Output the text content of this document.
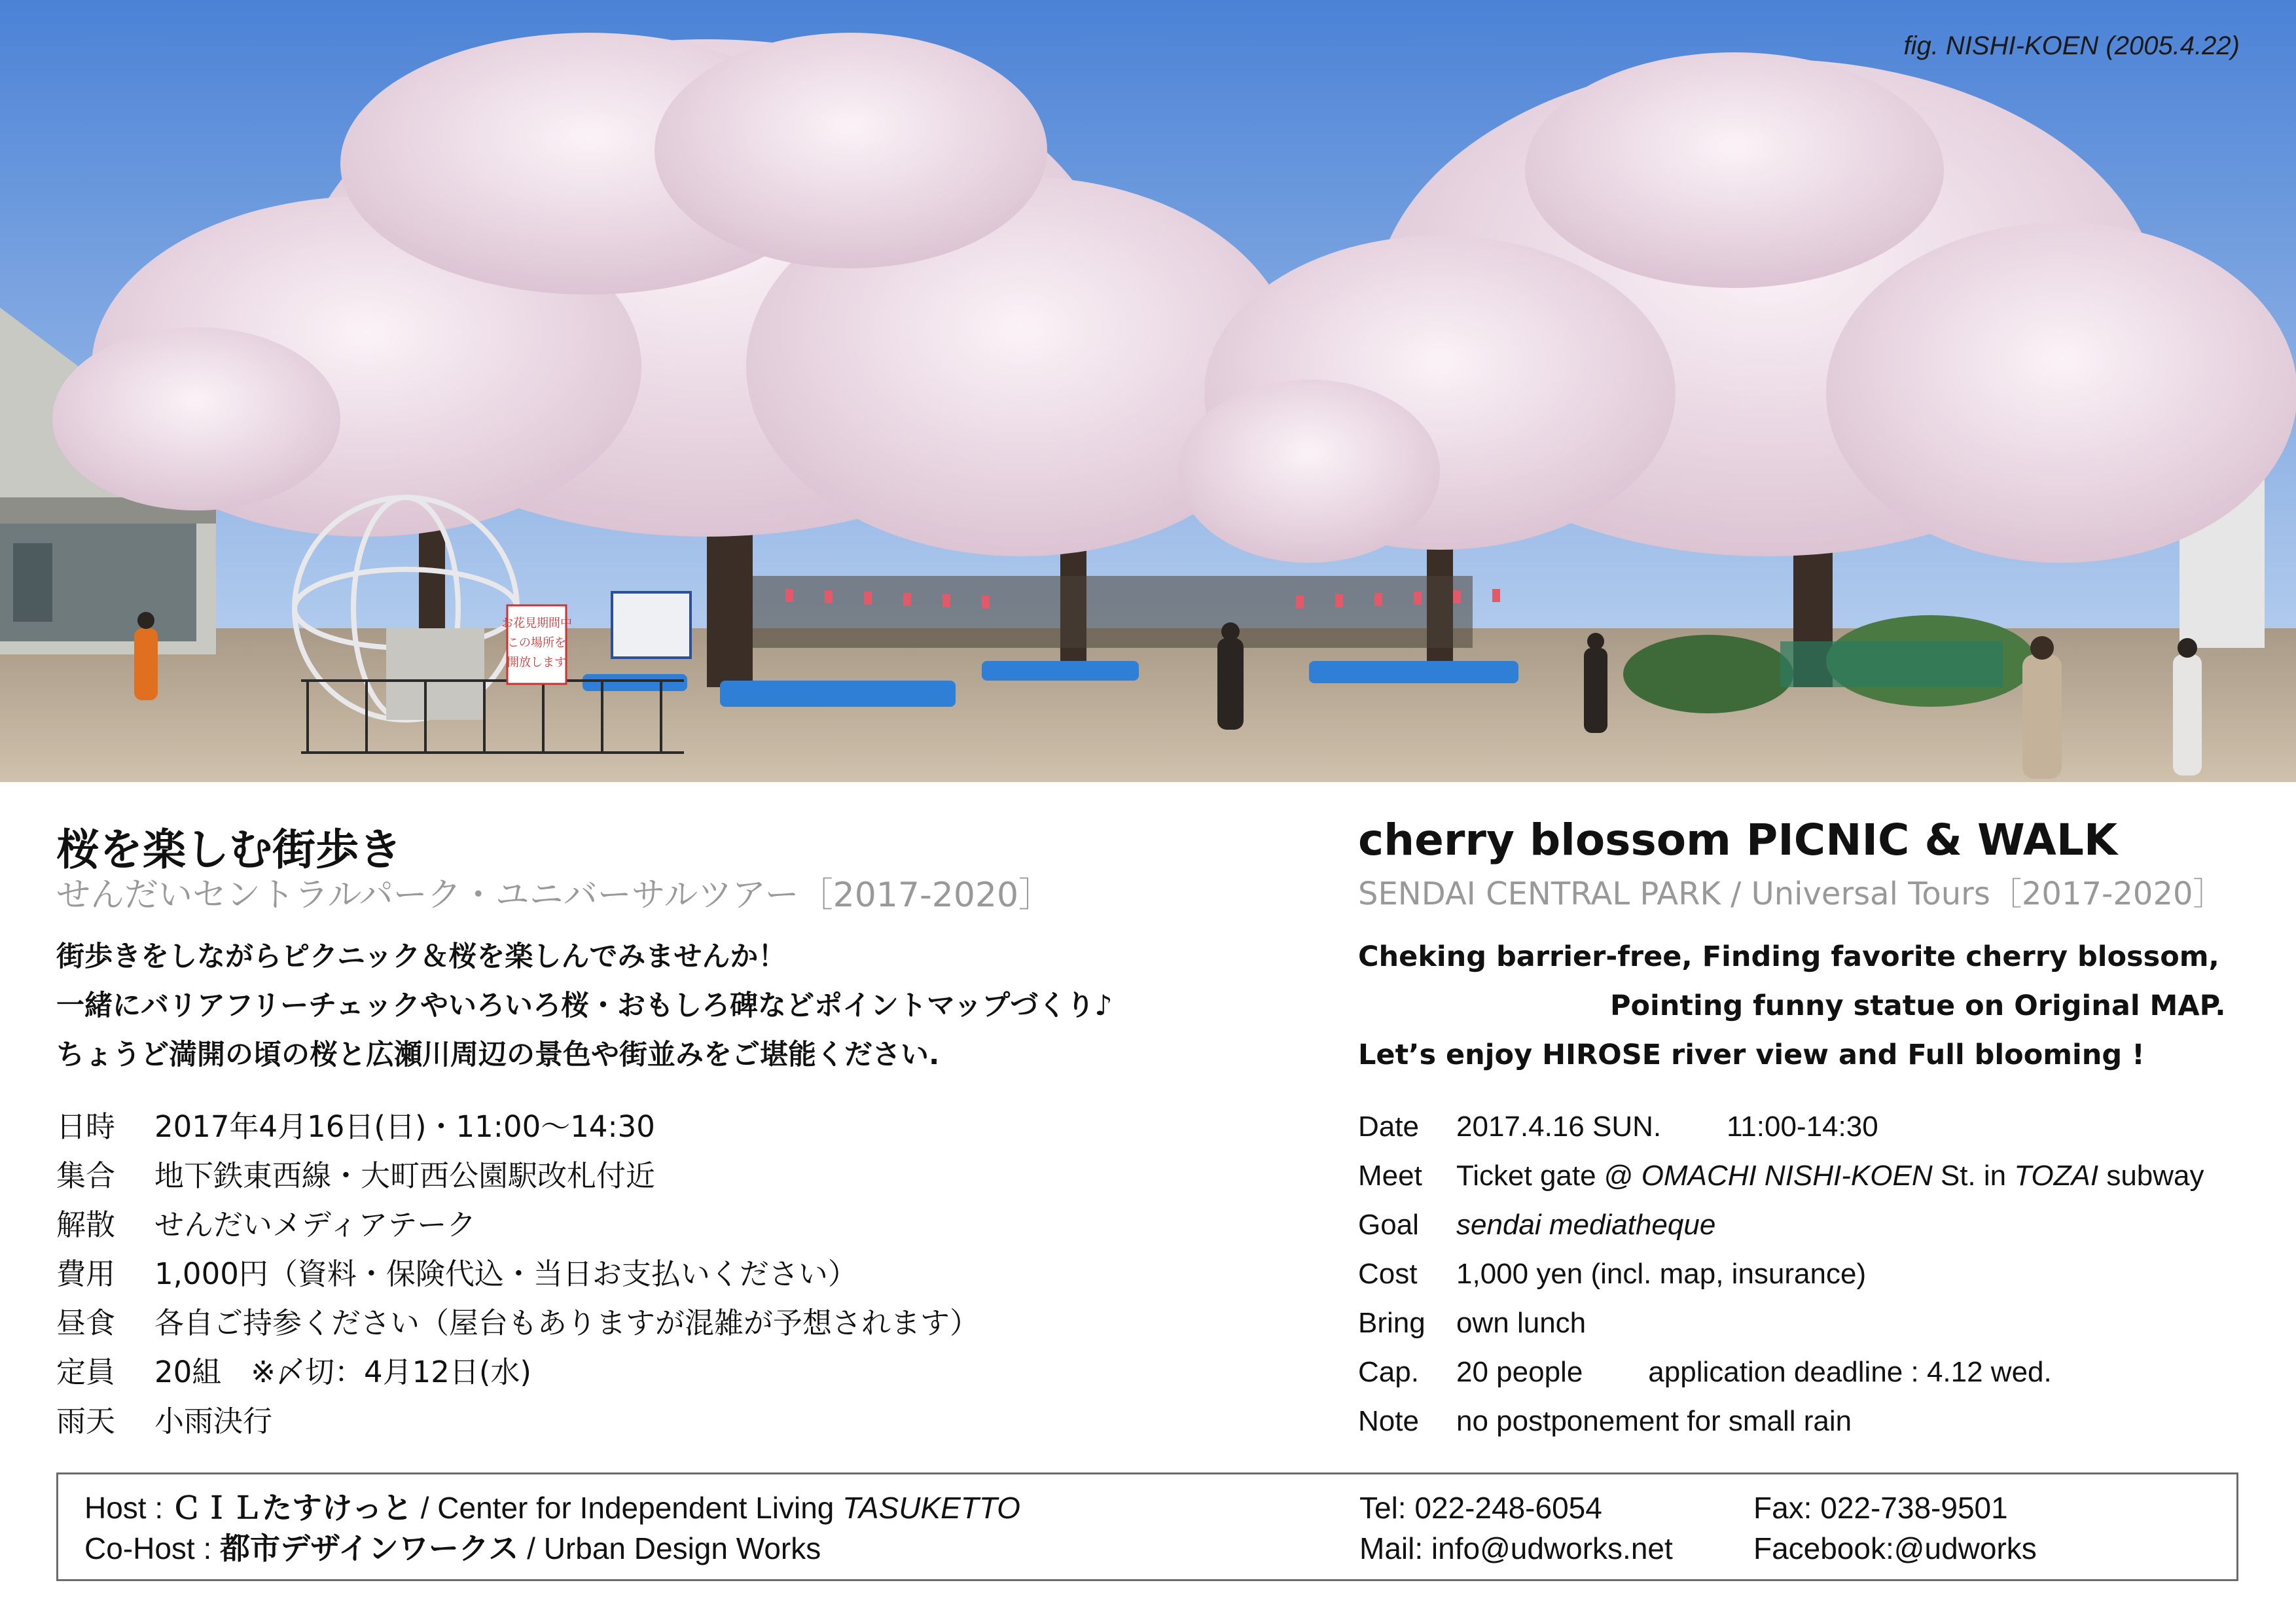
お花見期間中
この場所を
開放します
fig. NISHI-KOEN (2005.4.22)
桜を楽しむ街歩き
せんだいセントラルパーク・ユニバーサルツアー［2017-2020］
cherry blossom PICNIC & WALK
SENDAI CENTRAL PARK / Universal Tours［2017-2020］
街歩きをしながらピクニック＆桜を楽しんでみませんか！
一緒にバリアフリーチェックやいろいろ桜・おもしろ碑などポイントマップづくり♪
ちょうど満開の頃の桜と広瀬川周辺の景色や街並みをご堪能ください.
Cheking barrier-free, Finding favorite cherry blossom,
Pointing funny statue on Original MAP.
Let’s enjoy HIROSE river view and Full blooming !
日時	2017年4月16日(日)・11:00〜14:30
集合	地下鉄東西線・大町西公園駅改札付近
解散	せんだいメディアテーク
費用	1,000円（資料・保険代込・当日お支払いください）
昼食	各自ご持参ください（屋台もありますが混雑が予想されます）
定員	20組　※〆切：4月12日(水)
雨天	小雨決行
Date	2017.4.16 SUN. 11:00-14:30
Meet	Ticket gate @ OMACHI NISHI-KOEN St. in TOZAI subway
Goal	sendai mediatheque
Cost	1,000 yen (incl. map, insurance)
Bring	own lunch
Cap.	20 people application deadline : 4.12 wed.
Note	no postponement for small rain
Host : ＣＩＬたすけっと / Center for Independent Living TASUKETTO
Co-Host : 都市デザインワークス / Urban Design Works
Tel: 022-248-6054
Mail: info@udworks.net
Fax: 022-738-9501
Facebook:@udworks
